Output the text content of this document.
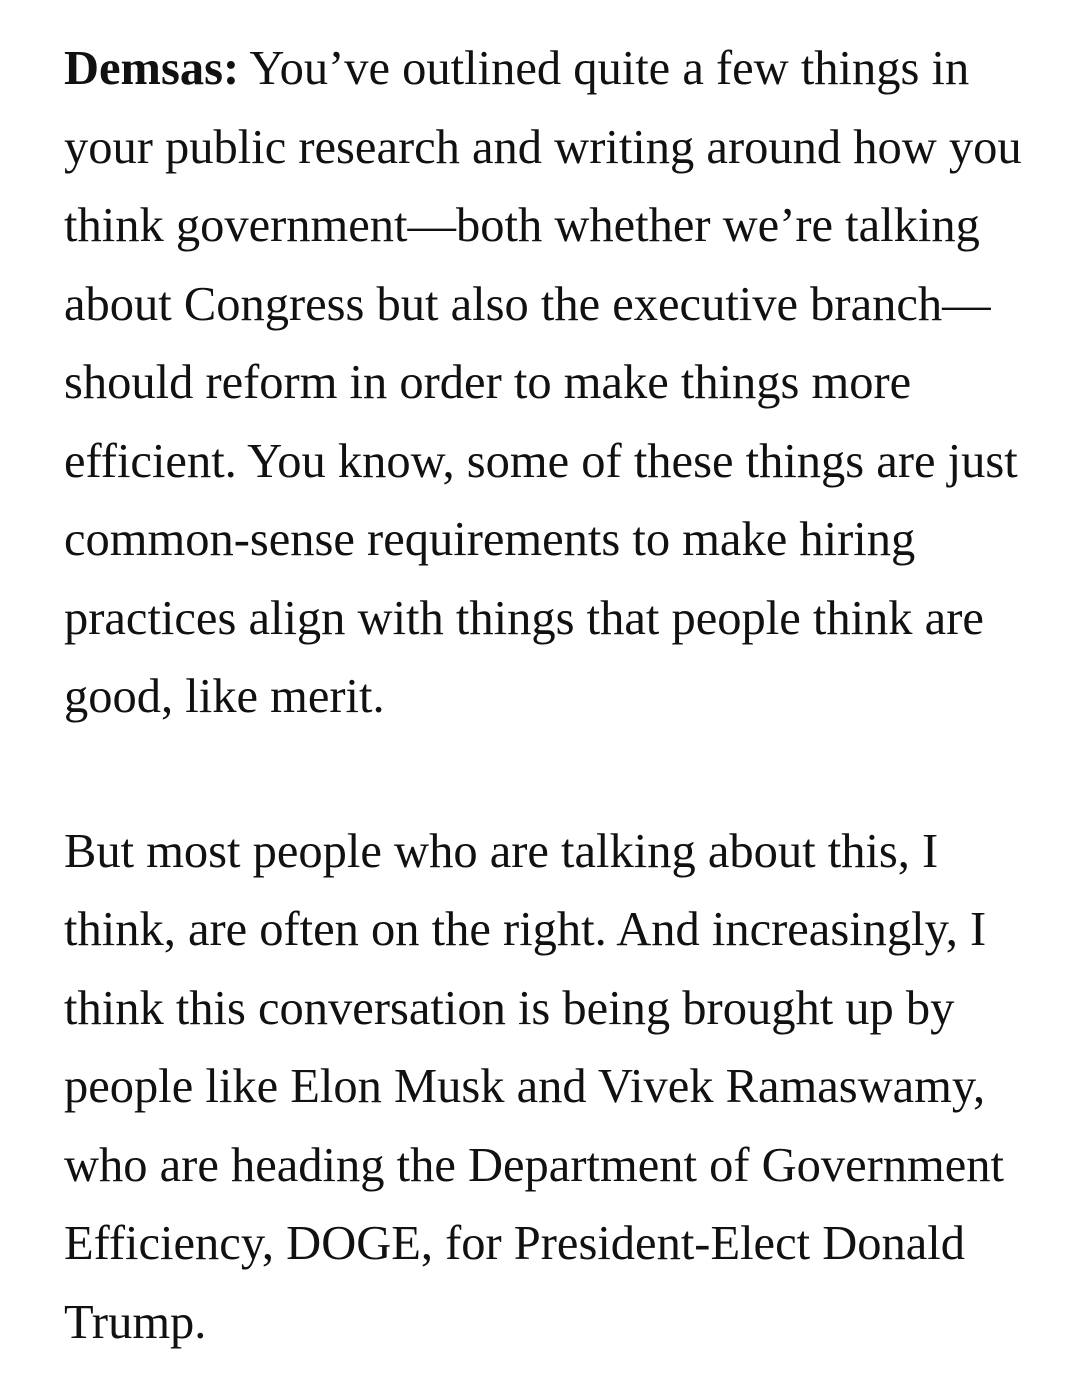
Demsas: You’ve outlined quite a few things in your public research and writing around how you think government—both whether we’re talking about Congress but also the executive branch—should reform in order to make things more efficient. You know, some of these things are just common-sense requirements to make hiring practices align with things that people think are good, like merit.

But most people who are talking about this, I think, are often on the right. And increasingly, I think this conversation is being brought up by people like Elon Musk and Vivek Ramaswamy, who are heading the Department of Government Efficiency, DOGE, for President-Elect Donald Trump.
